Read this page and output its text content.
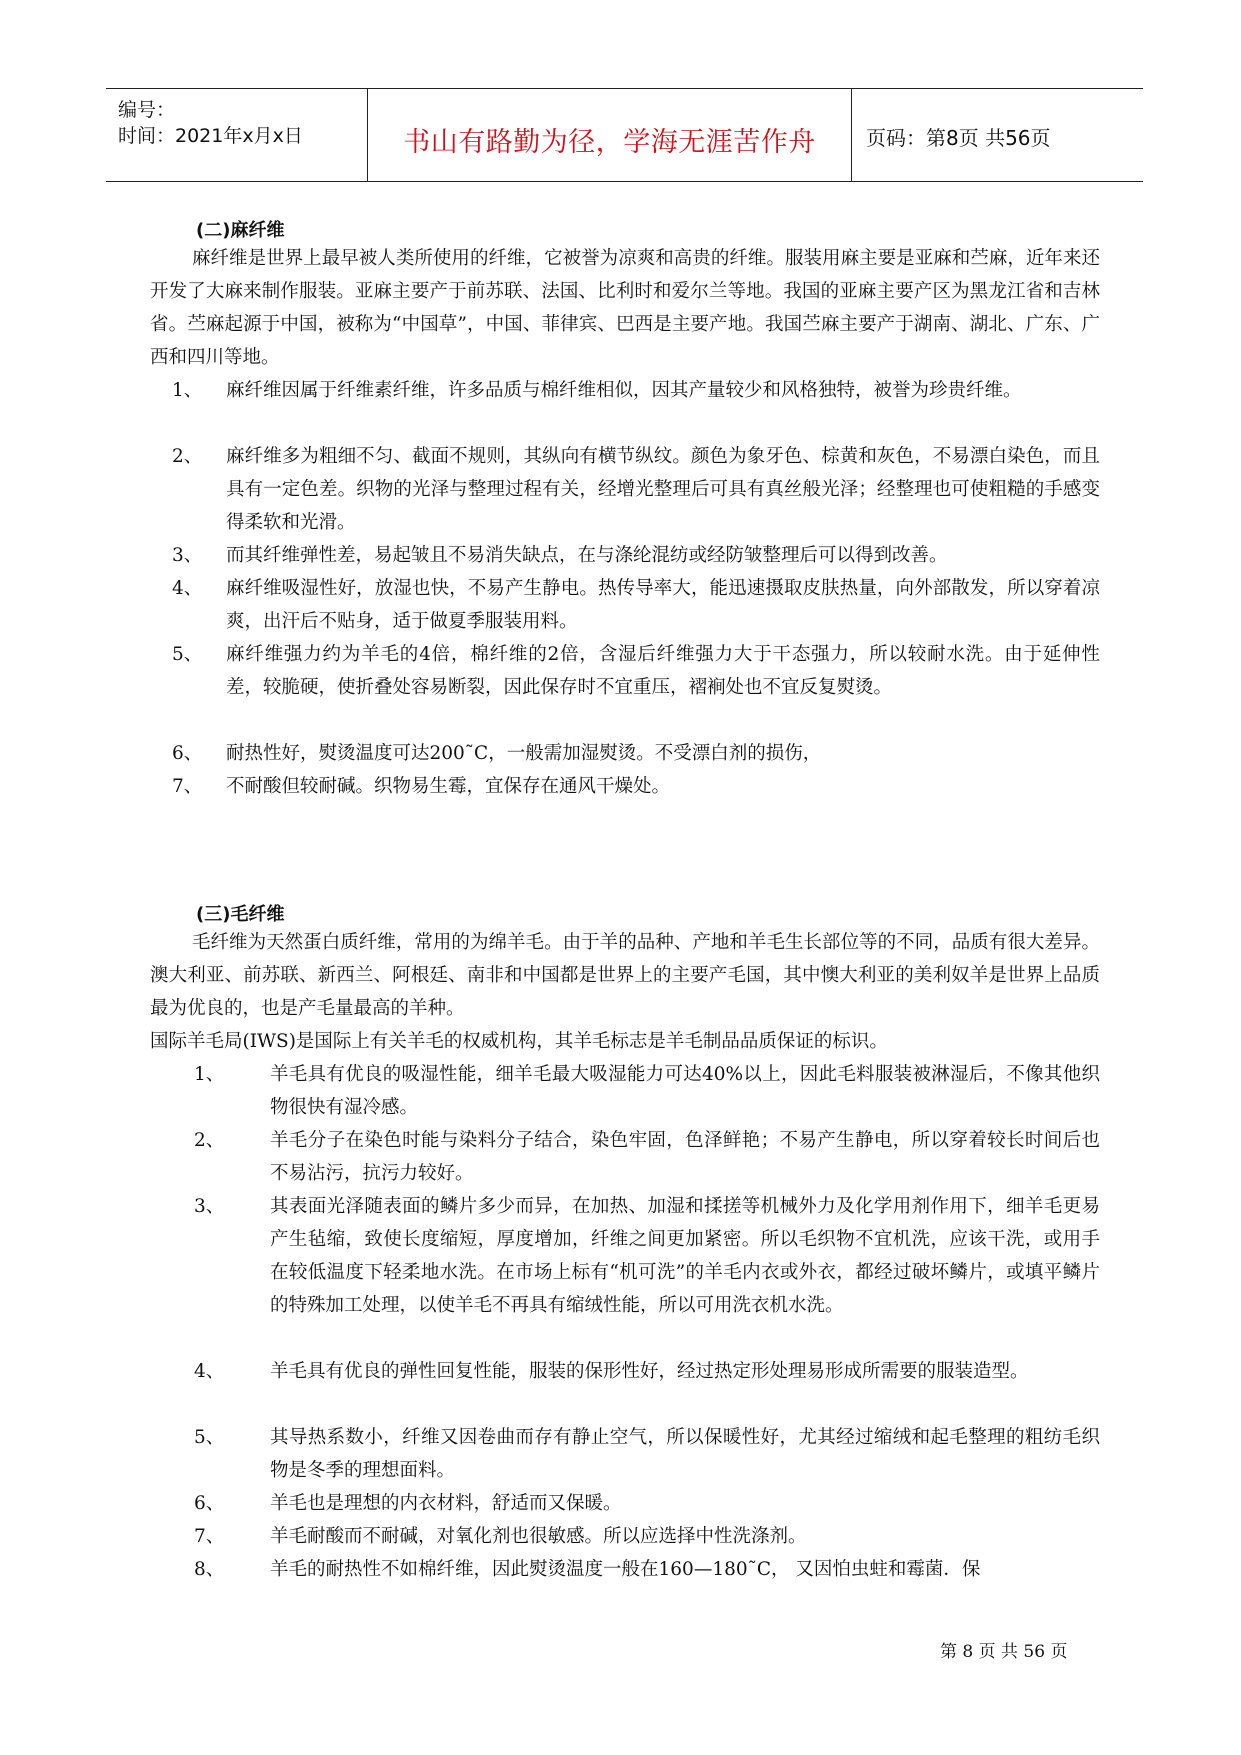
编号：
时间：2021年x月x日	书山有路勤为径，学海无涯苦作舟	页码：第8页 共56页
(二)麻纤维

麻纤维是世界上最早被人类所使用的纤维，它被誉为凉爽和高贵的纤维。服装用麻主要是亚麻和苎麻，近年来还开发了大麻来制作服装。亚麻主要产于前苏联、法国、比利时和爱尔兰等地。我国的亚麻主要产区为黑龙江省和吉林省。苎麻起源于中国，被称为“中国草”，中国、菲律宾、巴西是主要产地。我国苎麻主要产于湖南、湖北、广东、广西和四川等地。

1、 麻纤维因属于纤维素纤维，许多品质与棉纤维相似，因其产量较少和风格独特，被誉为珍贵纤维。

2、 麻纤维多为粗细不匀、截面不规则，其纵向有横节纵纹。颜色为象牙色、棕黄和灰色，不易漂白染色，而且具有一定色差。织物的光泽与整理过程有关，经增光整理后可具有真丝般光泽；经整理也可使粗糙的手感变得柔软和光滑。

3、 而其纤维弹性差，易起皱且不易消失缺点，在与涤纶混纺或经防皱整理后可以得到改善。

4、 麻纤维吸湿性好，放湿也快，不易产生静电。热传导率大，能迅速摄取皮肤热量，向外部散发，所以穿着凉爽，出汗后不贴身，适于做夏季服装用料。

5、 麻纤维强力约为羊毛的4倍，棉纤维的2倍，含湿后纤维强力大于干态强力，所以较耐水洗。由于延伸性差，较脆硬，使折叠处容易断裂，因此保存时不宜重压，褶裥处也不宜反复熨烫。

6、 耐热性好，熨烫温度可达200˜C，一般需加湿熨烫。不受漂白剂的损伤，

7、 不耐酸但较耐碱。织物易生霉，宜保存在通风干燥处。

(三)毛纤维

毛纤维为天然蛋白质纤维，常用的为绵羊毛。由于羊的品种、产地和羊毛生长部位等的不同，品质有很大差异。澳大利亚、前苏联、新西兰、阿根廷、南非和中国都是世界上的主要产毛国，其中懊大利亚的美利奴羊是世界上品质最为优良的，也是产毛量最高的羊种。

国际羊毛局(IWS)是国际上有关羊毛的权威机构，其羊毛标志是羊毛制品品质保证的标识。

1、 羊毛具有优良的吸湿性能，细羊毛最大吸湿能力可达40%以上，因此毛料服装被淋湿后，不像其他织物很快有湿冷感。

2、 羊毛分子在染色时能与染料分子结合，染色牢固，色泽鲜艳；不易产生静电，所以穿着较长时间后也不易沾污，抗污力较好。

3、 其表面光泽随表面的鳞片多少而异，在加热、加湿和揉搓等机械外力及化学用剂作用下，细羊毛更易产生毡缩，致使长度缩短，厚度增加，纤维之间更加紧密。所以毛织物不宜机洗，应该干洗，或用手在较低温度下轻柔地水洗。在市场上标有“机可洗”的羊毛内衣或外衣，都经过破坏鳞片，或填平鳞片的特殊加工处理，以使羊毛不再具有缩绒性能，所以可用洗衣机水洗。

4、 羊毛具有优良的弹性回复性能，服装的保形性好，经过热定形处理易形成所需要的服装造型。

5、 其导热系数小，纤维又因卷曲而存有静止空气，所以保暖性好，尤其经过缩绒和起毛整理的粗纺毛织物是冬季的理想面料。

6、 羊毛也是理想的内衣材料，舒适而又保暖。

7、 羊毛耐酸而不耐碱，对氧化剂也很敏感。所以应选择中性洗涤剂。

8、 羊毛的耐热性不如棉纤维，因此熨烫温度一般在160—180˜C， 又因怕虫蛀和霉菌．保

第 8 页 共 56 页
